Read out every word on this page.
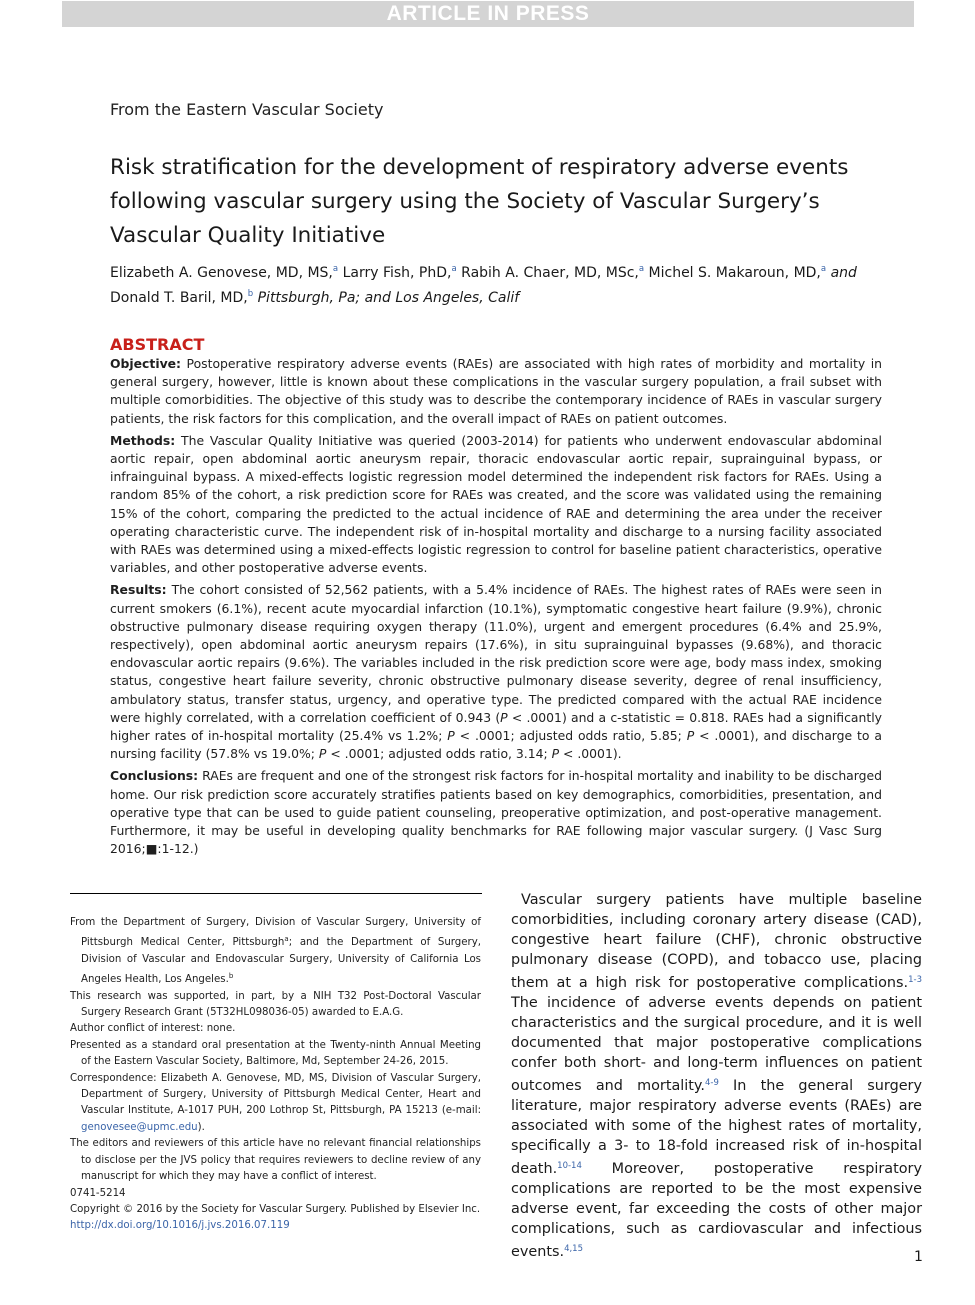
ARTICLE IN PRESS
From the Eastern Vascular Society
Risk stratification for the development of respiratory adverse events following vascular surgery using the Society of Vascular Surgery’s Vascular Quality Initiative
Elizabeth A. Genovese, MD, MS,$^a$ Larry Fish, PhD,$^a$ Rabih A. Chaer, MD, MSc,$^a$ Michel S. Makaroun, MD,$^a$ and Donald T. Baril, MD,$^b$ Pittsburgh, Pa; and Los Angeles, Calif
ABSTRACT

Objective: Postoperative respiratory adverse events (RAEs) are associated with high rates of morbidity and mortality in general surgery, however, little is known about these complications in the vascular surgery population, a frail subset with multiple comorbidities. The objective of this study was to describe the contemporary incidence of RAEs in vascular surgery patients, the risk factors for this complication, and the overall impact of RAEs on patient outcomes.

Methods: The Vascular Quality Initiative was queried (2003-2014) for patients who underwent endovascular abdominal aortic repair, open abdominal aortic aneurysm repair, thoracic endovascular aortic repair, suprainguinal bypass, or infrainguinal bypass. A mixed-effects logistic regression model determined the independent risk factors for RAEs. Using a random 85% of the cohort, a risk prediction score for RAEs was created, and the score was validated using the remaining 15% of the cohort, comparing the predicted to the actual incidence of RAE and determining the area under the receiver operating characteristic curve. The independent risk of in-hospital mortality and discharge to a nursing facility associated with RAEs was determined using a mixed-effects logistic regression to control for baseline patient characteristics, operative variables, and other postoperative adverse events.

Results: The cohort consisted of 52,562 patients, with a 5.4% incidence of RAEs. The highest rates of RAEs were seen in current smokers (6.1%), recent acute myocardial infarction (10.1%), symptomatic congestive heart failure (9.9%), chronic obstructive pulmonary disease requiring oxygen therapy (11.0%), urgent and emergent procedures (6.4% and 25.9%, respectively), open abdominal aortic aneurysm repairs (17.6%), in situ suprainguinal bypasses (9.68%), and thoracic endovascular aortic repairs (9.6%). The variables included in the risk prediction score were age, body mass index, smoking status, congestive heart failure severity, chronic obstructive pulmonary disease severity, degree of renal insufficiency, ambulatory status, transfer status, urgency, and operative type. The predicted compared with the actual RAE incidence were highly correlated, with a correlation coefficient of 0.943 (P < .0001) and a c-statistic = 0.818. RAEs had a significantly higher rates of in-hospital mortality (25.4% vs 1.2%; P < .0001; adjusted odds ratio, 5.85; P < .0001), and discharge to a nursing facility (57.8% vs 19.0%; P < .0001; adjusted odds ratio, 3.14; P < .0001).

Conclusions: RAEs are frequent and one of the strongest risk factors for in-hospital mortality and inability to be discharged home. Our risk prediction score accurately stratifies patients based on key demographics, comorbidities, presentation, and operative type that can be used to guide patient counseling, preoperative optimization, and post-operative management. Furthermore, it may be useful in developing quality benchmarks for RAE following major vascular surgery. (J Vasc Surg 2016;■:1-12.)

From the Department of Surgery, Division of Vascular Surgery, University of Pittsburgh Medical Center, Pittsburgh$^a$; and the Department of Surgery, Division of Vascular and Endovascular Surgery, University of California Los Angeles Health, Los Angeles.$^b$

This research was supported, in part, by a NIH T32 Post-Doctoral Vascular Surgery Research Grant (5T32HL098036-05) awarded to E.A.G.

Author conflict of interest: none.

Presented as a standard oral presentation at the Twenty-ninth Annual Meeting of the Eastern Vascular Society, Baltimore, Md, September 24-26, 2015.

Correspondence: Elizabeth A. Genovese, MD, MS, Division of Vascular Surgery, Department of Surgery, University of Pittsburgh Medical Center, Heart and Vascular Institute, A-1017 PUH, 200 Lothrop St, Pittsburgh, PA 15213 (e-mail: genovesee@upmc.edu).

The editors and reviewers of this article have no relevant financial relationships to disclose per the JVS policy that requires reviewers to decline review of any manuscript for which they may have a conflict of interest.

0741-5214

Copyright © 2016 by the Society for Vascular Surgery. Published by Elsevier Inc.

http://dx.doi.org/10.1016/j.jvs.2016.07.119

Vascular surgery patients have multiple baseline comorbidities, including coronary artery disease (CAD), congestive heart failure (CHF), chronic obstructive pulmonary disease (COPD), and tobacco use, placing them at a high risk for postoperative complications.$^{1-3}$ The incidence of adverse events depends on patient characteristics and the surgical procedure, and it is well documented that major postoperative complications confer both short- and long-term influences on patient outcomes and mortality.$^{4-9}$ In the general surgery literature, major respiratory adverse events (RAEs) are associated with some of the highest rates of mortality, specifically a 3- to 18-fold increased risk of in-hospital death.$^{10-14}$ Moreover, postoperative respiratory complications are reported to be the most expensive adverse event, far exceeding the costs of other major complications, such as cardiovascular and infectious events.$^{4,15}$	1
